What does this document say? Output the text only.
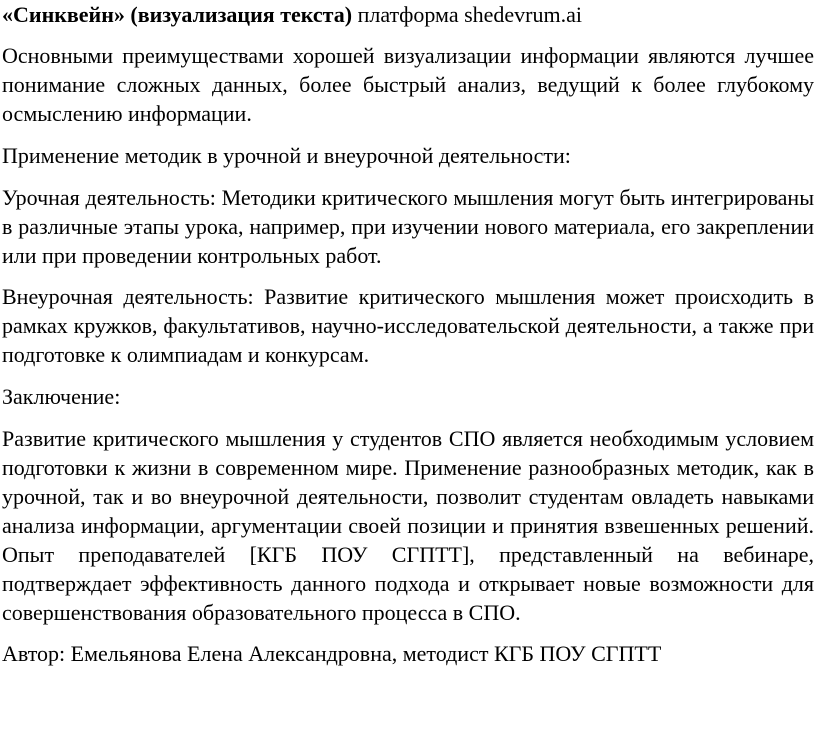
«Синквейн» (визуализация текста) платформа shedevrum.ai

Основными преимуществами хорошей визуализации информации являются лучшее понимание сложных данных, более быстрый анализ, ведущий к более глубокому осмыслению информации.

Применение методик в урочной и внеурочной деятельности:

Урочная деятельность: Методики критического мышления могут быть интегрированы в различные этапы урока, например, при изучении нового материала, его закреплении или при проведении контрольных работ.

Внеурочная деятельность: Развитие критического мышления может происходить в рамках кружков, факультативов, научно-исследовательской деятельности, а также при подготовке к олимпиадам и конкурсам.

Заключение:

Развитие критического мышления у студентов СПО является необходимым условием подготовки к жизни в современном мире. Применение разнообразных методик, как в урочной, так и во внеурочной деятельности, позволит студентам овладеть навыками анализа информации, аргументации своей позиции и принятия взвешенных решений. Опыт преподавателей [КГБ ПОУ СГПТТ], представленный на вебинаре, подтверждает эффективность данного подхода и открывает новые возможности для совершенствования образовательного процесса в СПО.

Автор: Емельянова Елена Александровна, методист КГБ ПОУ СГПТТ
